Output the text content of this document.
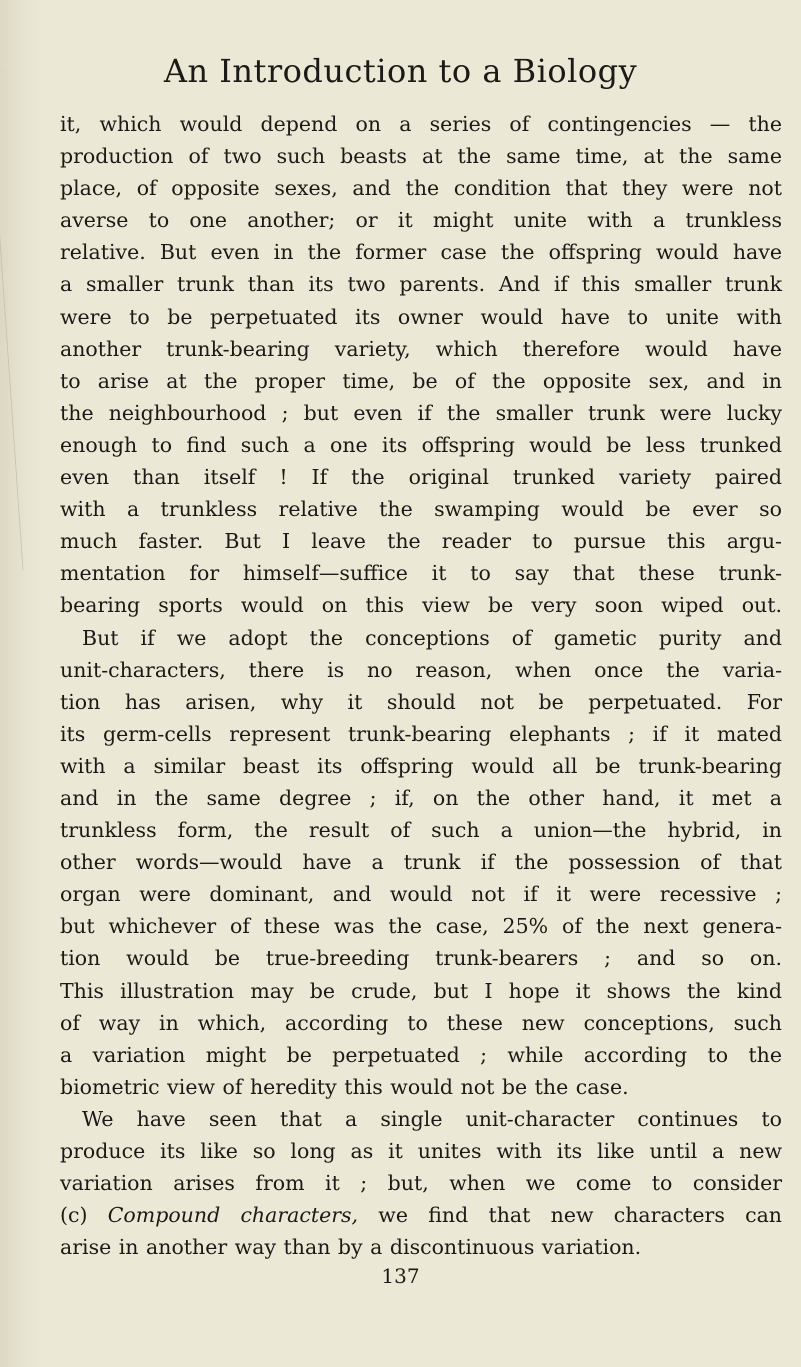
An Introduction to a Biology
it, which would depend on a series of contingencies — the
production of two such beasts at the same time, at the same
place, of opposite sexes, and the condition that they were not
averse to one another; or it might unite with a trunkless
relative. But even in the former case the offspring would have
a smaller trunk than its two parents. And if this smaller trunk
were to be perpetuated its owner would have to unite with
another trunk-bearing variety, which therefore would have
to arise at the proper time, be of the opposite sex, and in
the neighbourhood ; but even if the smaller trunk were lucky
enough to find such a one its offspring would be less trunked
even than itself ! If the original trunked variety paired
with a trunkless relative the swamping would be ever so
much faster. But I leave the reader to pursue this argu-
mentation for himself—suffice it to say that these trunk-
bearing sports would on this view be very soon wiped out.
But if we adopt the conceptions of gametic purity and
unit-characters, there is no reason, when once the varia-
tion has arisen, why it should not be perpetuated. For
its germ-cells represent trunk-bearing elephants ; if it mated
with a similar beast its offspring would all be trunk-bearing
and in the same degree ; if, on the other hand, it met a
trunkless form, the result of such a union—the hybrid, in
other words—would have a trunk if the possession of that
organ were dominant, and would not if it were recessive ;
but whichever of these was the case, 25% of the next genera-
tion would be true-breeding trunk-bearers ; and so on.
This illustration may be crude, but I hope it shows the kind
of way in which, according to these new conceptions, such
a variation might be perpetuated ; while according to the
biometric view of heredity this would not be the case.
We have seen that a single unit-character continues to
produce its like so long as it unites with its like until a new
variation arises from it ; but, when we come to consider
(c) Compound characters, we find that new characters can
arise in another way than by a discontinuous variation.
137
